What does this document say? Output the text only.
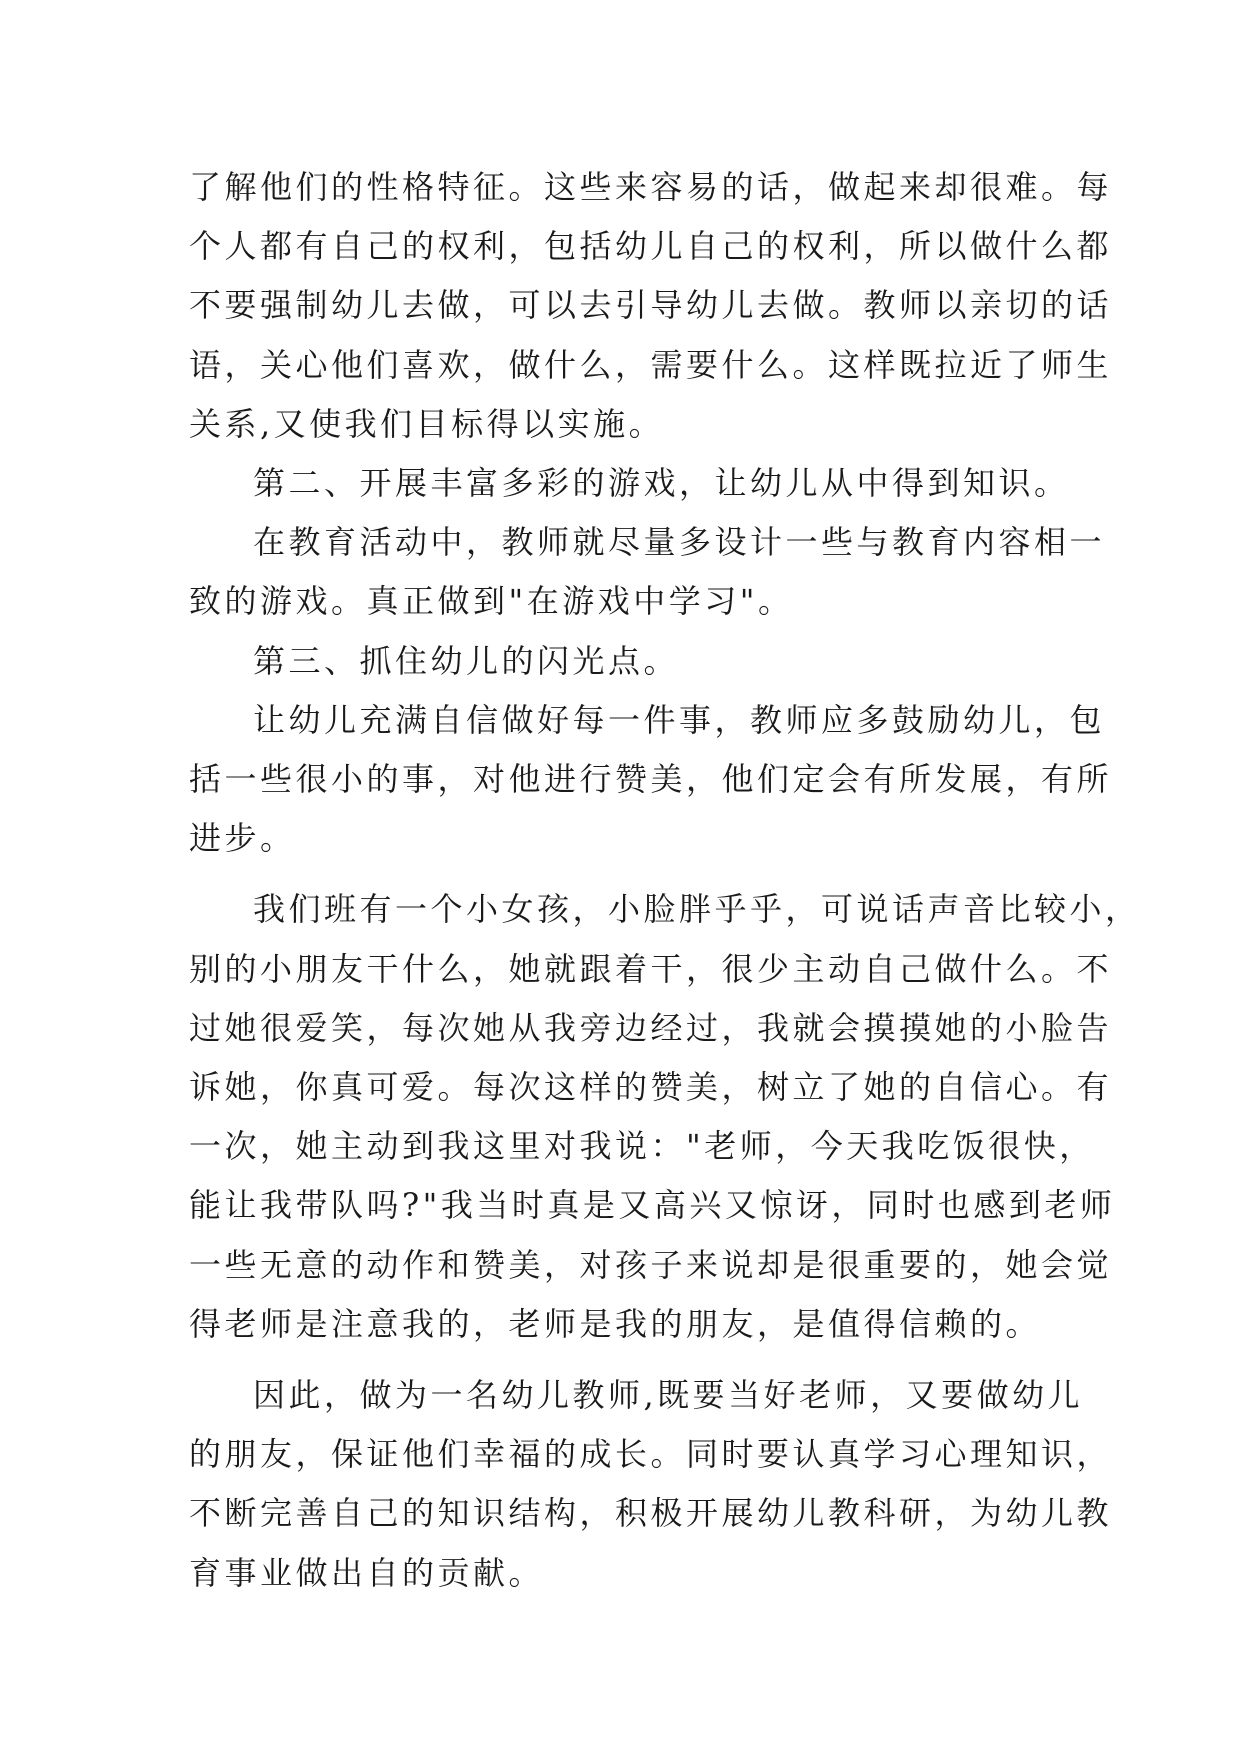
了解他们的性格特征。这些来容易的话，做起来却很难。每
个人都有自己的权利，包括幼儿自己的权利，所以做什么都
不要强制幼儿去做，可以去引导幼儿去做。教师以亲切的话
语，关心他们喜欢，做什么，需要什么。这样既拉近了师生
关系,又使我们目标得以实施。

第二、开展丰富多彩的游戏，让幼儿从中得到知识。

在教育活动中，教师就尽量多设计一些与教育内容相一
致的游戏。真正做到"在游戏中学习"。

第三、抓住幼儿的闪光点。

让幼儿充满自信做好每一件事，教师应多鼓励幼儿，包
括一些很小的事，对他进行赞美，他们定会有所发展，有所
进步。

我们班有一个小女孩，小脸胖乎乎，可说话声音比较小，
别的小朋友干什么，她就跟着干，很少主动自己做什么。不
过她很爱笑，每次她从我旁边经过，我就会摸摸她的小脸告
诉她，你真可爱。每次这样的赞美，树立了她的自信心。有
一次，她主动到我这里对我说："老师，今天我吃饭很快，
能让我带队吗?"我当时真是又高兴又惊讶，同时也感到老师
一些无意的动作和赞美，对孩子来说却是很重要的，她会觉
得老师是注意我的，老师是我的朋友，是值得信赖的。

因此，做为一名幼儿教师,既要当好老师，又要做幼儿
的朋友，保证他们幸福的成长。同时要认真学习心理知识，
不断完善自己的知识结构，积极开展幼儿教科研，为幼儿教
育事业做出自的贡献。
